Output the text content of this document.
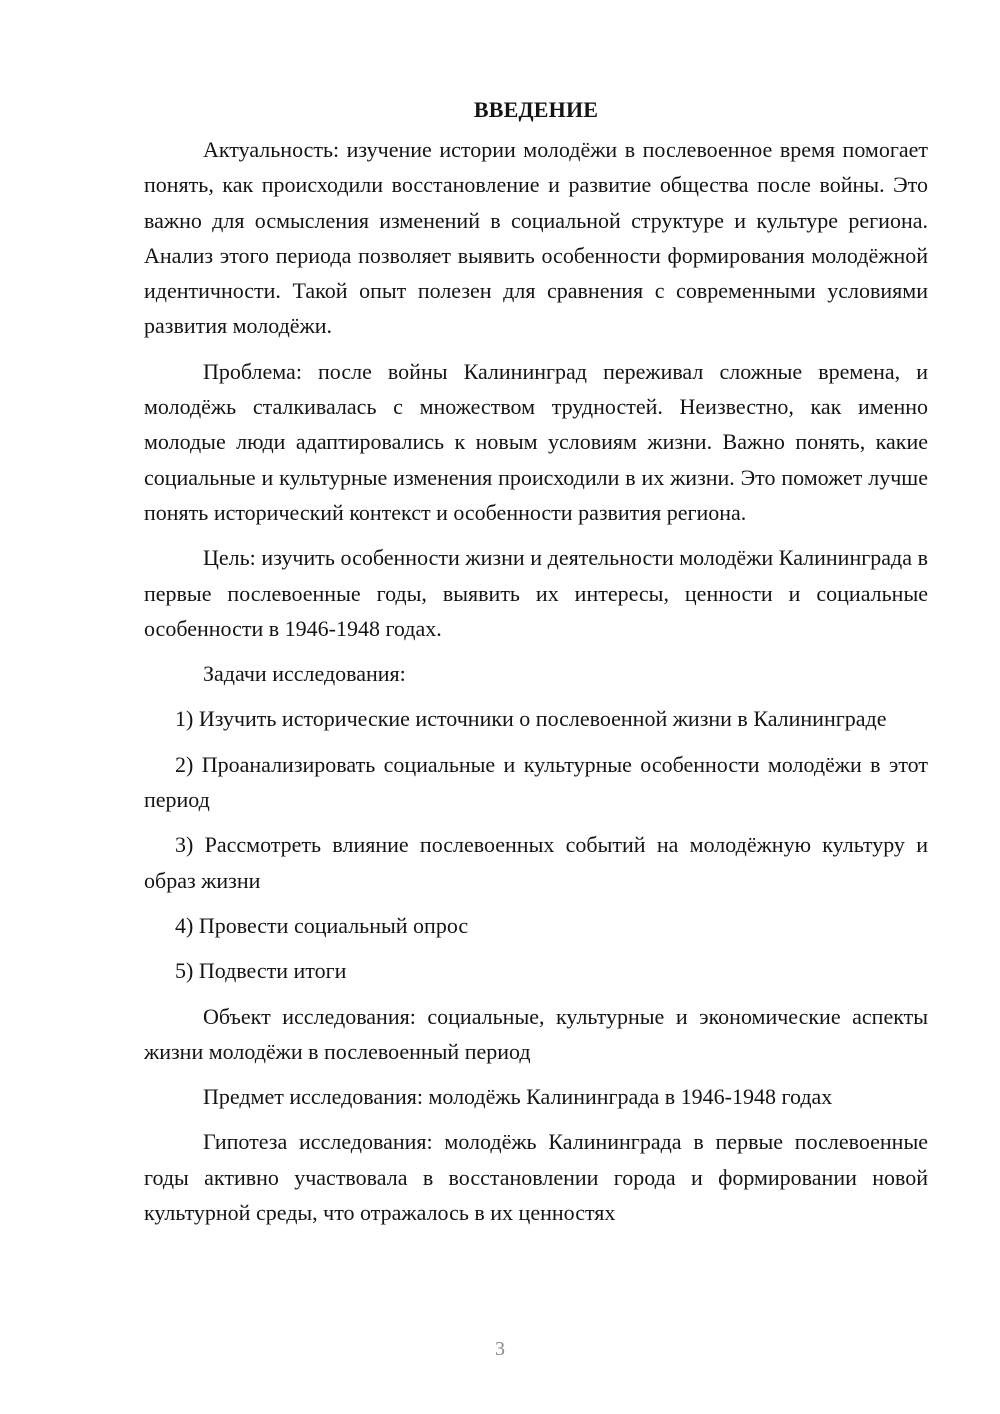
ВВЕДЕНИЕ

Актуальность: изучение истории молодёжи в послевоенное время помогает понять, как происходили восстановление и развитие общества после войны. Это важно для осмысления изменений в социальной структуре и культуре региона. Анализ этого периода позволяет выявить особенности формирования молодёжной идентичности. Такой опыт полезен для сравнения с современными условиями развития молодёжи.

Проблема: после войны Калининград переживал сложные времена, и молодёжь сталкивалась с множеством трудностей. Неизвестно, как именно молодые люди адаптировались к новым условиям жизни. Важно понять, какие социальные и культурные изменения происходили в их жизни. Это поможет лучше понять исторический контекст и особенности развития региона.

Цель: изучить особенности жизни и деятельности молодёжи Калининграда в первые послевоенные годы, выявить их интересы, ценности и социальные особенности в 1946-1948 годах.

Задачи исследования:

1) Изучить исторические источники о послевоенной жизни в Калининграде

2) Проанализировать социальные и культурные особенности молодёжи в этот период

3) Рассмотреть влияние послевоенных событий на молодёжную культуру и образ жизни

4) Провести социальный опрос

5) Подвести итоги

Объект исследования: социальные, культурные и экономические аспекты жизни молодёжи в послевоенный период

Предмет исследования: молодёжь Калининграда в 1946-1948 годах

Гипотеза исследования: молодёжь Калининграда в первые послевоенные годы активно участвовала в восстановлении города и формировании новой культурной среды, что отражалось в их ценностях

3
